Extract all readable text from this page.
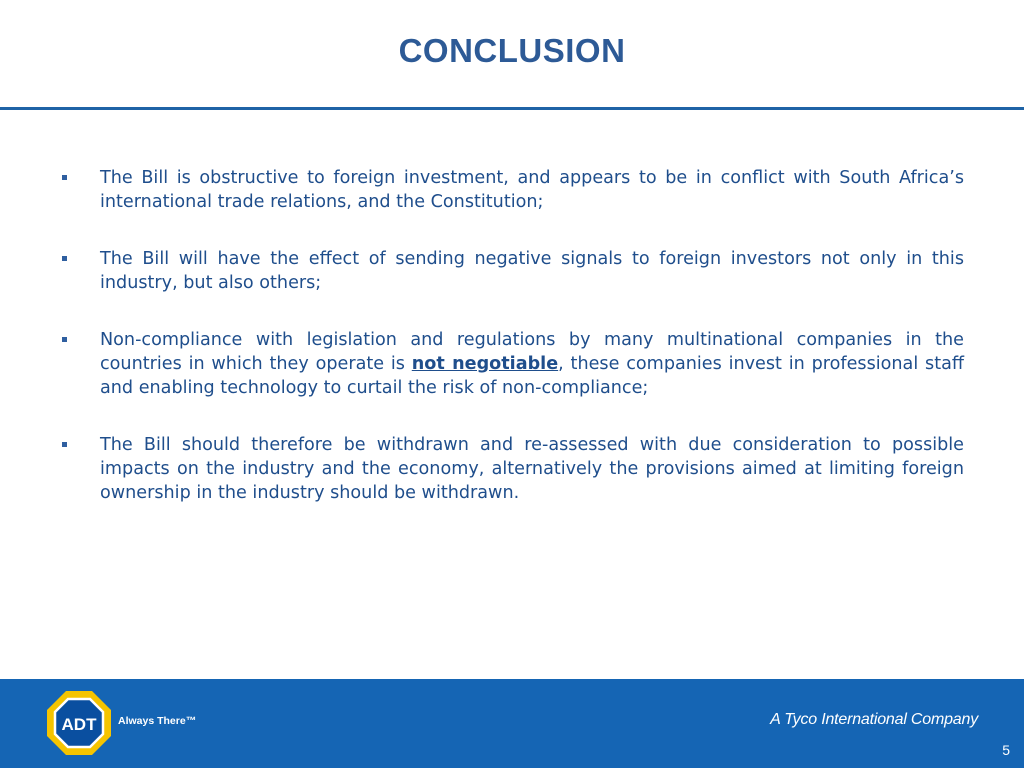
CONCLUSION
The Bill is obstructive to foreign investment, and appears to be in conflict with South Africa’s international trade relations, and the Constitution;
The Bill will have the effect of sending negative signals to foreign investors not only in this industry, but also others;
Non-compliance with legislation and regulations by many multinational companies in the countries in which they operate is not negotiable, these companies invest in professional staff and enabling technology to curtail the risk of non-compliance;
The Bill should therefore be withdrawn and re-assessed with due consideration to possible impacts on the industry and the economy, alternatively the provisions aimed at limiting foreign ownership in the industry should be withdrawn.
ADT Always There™	A Tyco International Company
5
